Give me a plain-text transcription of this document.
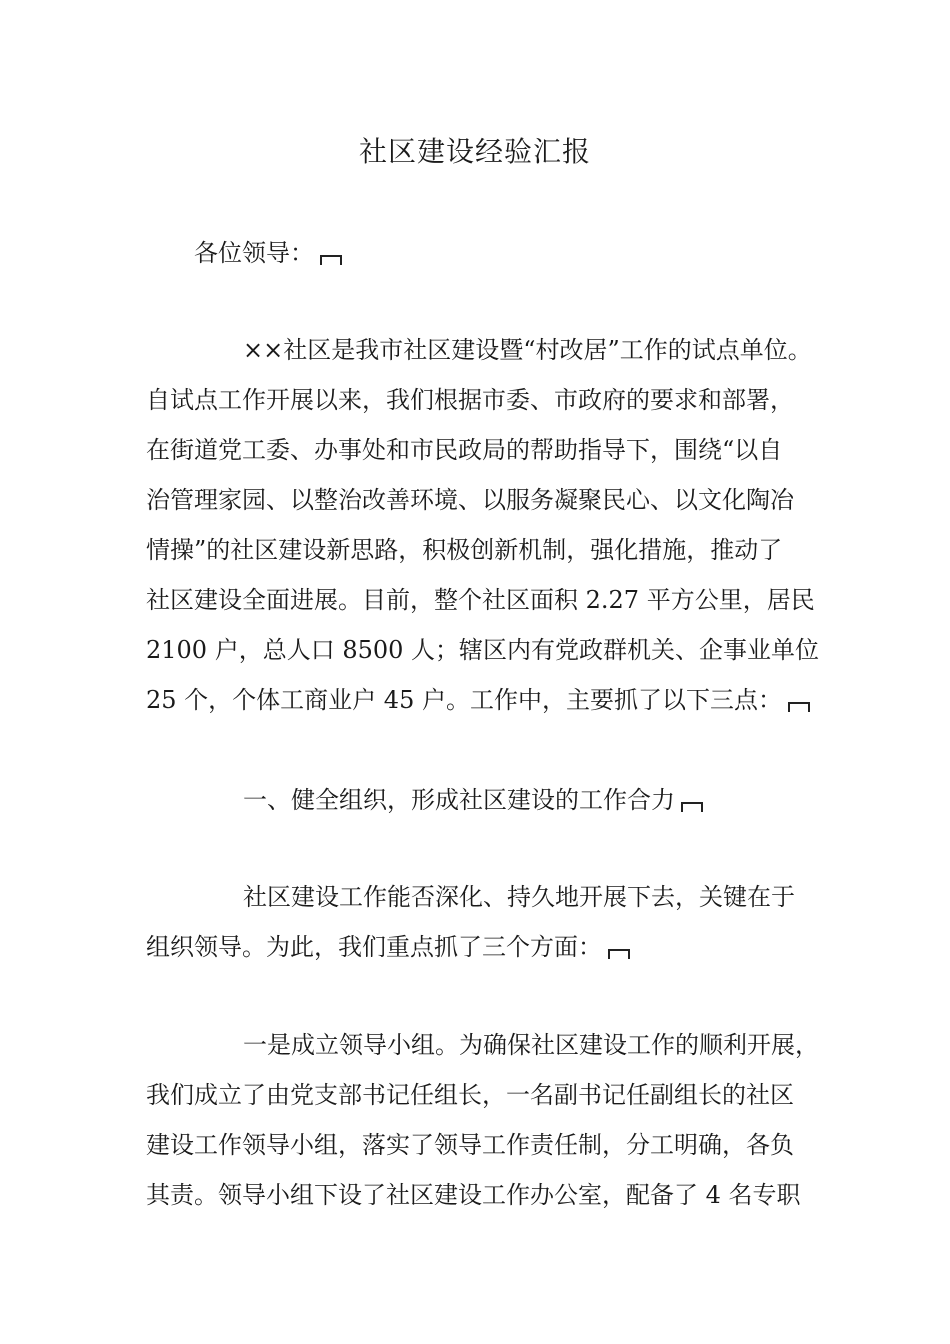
社区建设经验汇报
各位领导：
××社区是我市社区建设暨“村改居”工作的试点单位。
自试点工作开展以来，我们根据市委、市政府的要求和部署，
在街道党工委、办事处和市民政局的帮助指导下，围绕“以自
治管理家园、以整治改善环境、以服务凝聚民心、以文化陶冶
情操”的社区建设新思路，积极创新机制，强化措施，推动了
社区建设全面进展。目前，整个社区面积 2.27 平方公里，居民
2100 户，总人口 8500 人；辖区内有党政群机关、企事业单位
25 个，个体工商业户 45 户。工作中，主要抓了以下三点：
一、健全组织，形成社区建设的工作合力
社区建设工作能否深化、持久地开展下去，关键在于
组织领导。为此，我们重点抓了三个方面：
一是成立领导小组。为确保社区建设工作的顺利开展，
我们成立了由党支部书记任组长，一名副书记任副组长的社区
建设工作领导小组，落实了领导工作责任制，分工明确，各负
其责。领导小组下设了社区建设工作办公室，配备了 4 名专职
